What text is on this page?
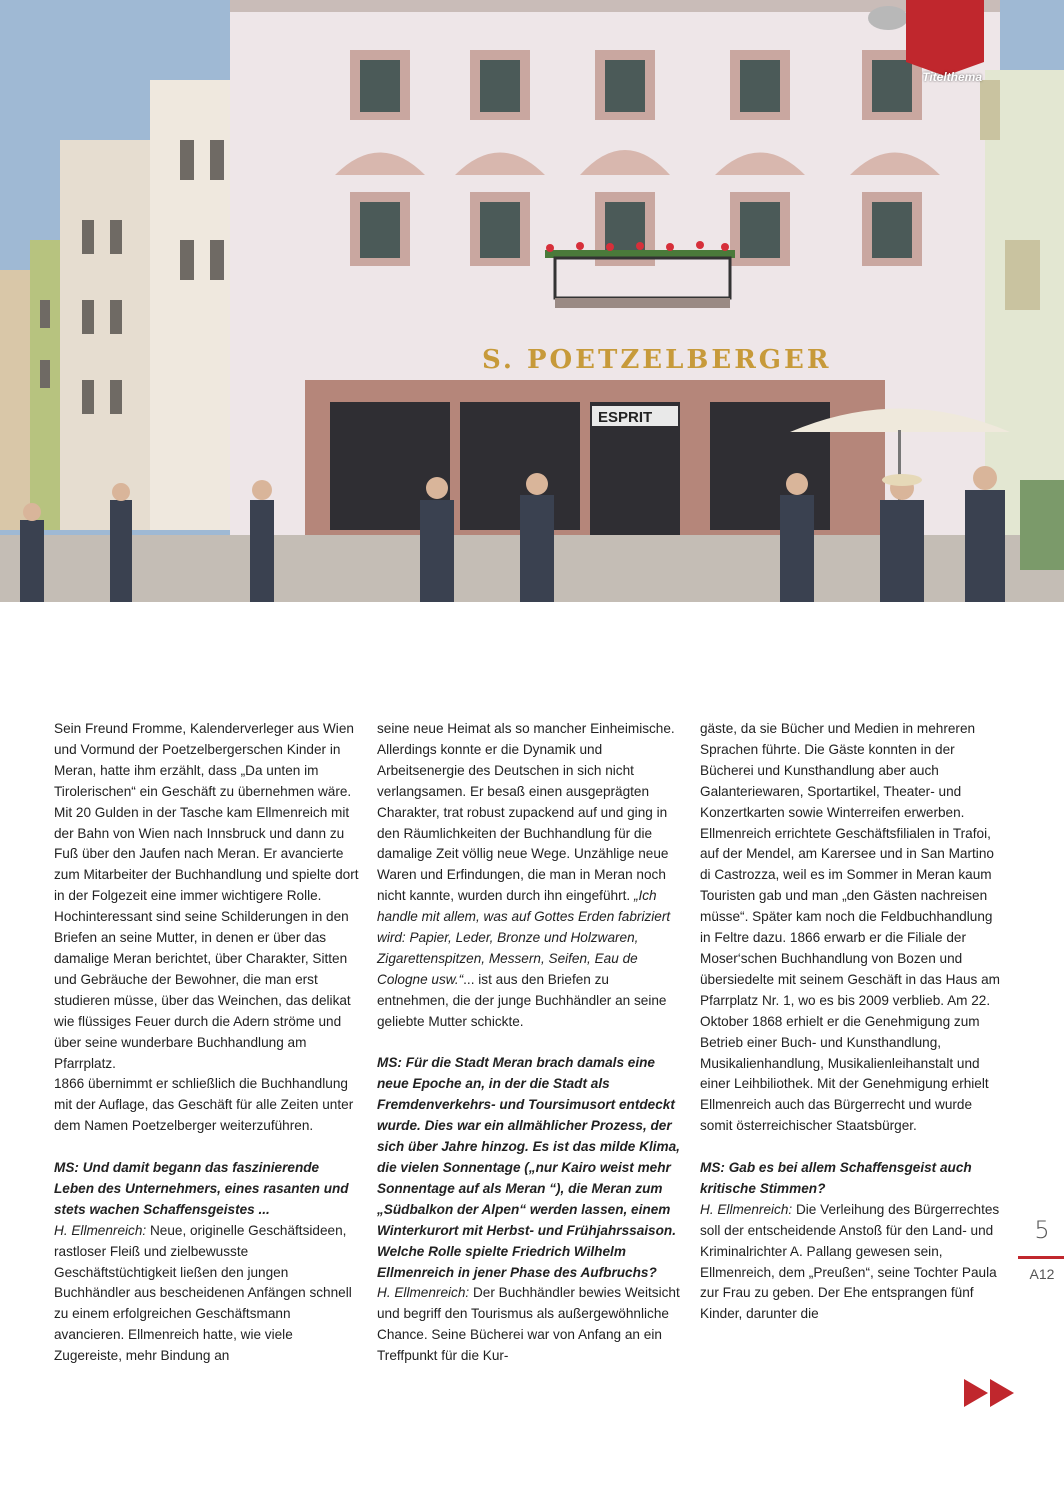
S. POETZELBERGER
ESPRIT
Titelthema

Sein Freund Fromme, Kalenderverleger aus Wien und Vormund der Poetzelbergerschen Kinder in Meran, hatte ihm erzählt, dass „Da unten im Tirolerischen“ ein Geschäft zu übernehmen wäre. Mit 20 Gulden in der Tasche kam Ellmenreich mit der Bahn von Wien nach Innsbruck und dann zu Fuß über den Jaufen nach Meran. Er avancierte zum Mitarbeiter der Buchhandlung und spielte dort in der Folgezeit eine immer wichtigere Rolle. Hochinteressant sind seine Schilderungen in den Briefen an seine Mutter, in denen er über das damalige Meran berichtet, über Charakter, Sitten und Gebräuche der Bewohner, die man erst studieren müsse, über das Weinchen, das delikat wie flüssiges Feuer durch die Adern ströme und über seine wunderbare Buchhandlung am Pfarrplatz.

1866 übernimmt er schließlich die Buchhandlung mit der Auflage, das Geschäft für alle Zeiten unter dem Namen Poetzelberger weiterzuführen.

MS: Und damit begann das faszinierende Leben des Unternehmers, eines rasanten und stets wachen Schaffensgeistes ...

H. Ellmenreich: Neue, originelle Geschäftsideen, rastloser Fleiß und zielbewusste Geschäftstüchtigkeit ließen den jungen Buchhändler aus bescheidenen Anfängen schnell zu einem erfolgreichen Geschäftsmann avancieren. Ellmenreich hatte, wie viele Zugereiste, mehr Bindung an

seine neue Heimat als so mancher Einheimische. Allerdings konnte er die Dynamik und Arbeitsenergie des Deutschen in sich nicht verlangsamen. Er besaß einen ausgeprägten Charakter, trat robust zupackend auf und ging in den Räumlichkeiten der Buchhandlung für die damalige Zeit völlig neue Wege. Unzählige neue Waren und Erfindungen, die man in Meran noch nicht kannte, wurden durch ihn eingeführt. „Ich handle mit allem, was auf Gottes Erden fabriziert wird: Papier, Leder, Bronze und Holzwaren, Zigarettenspitzen, Messern, Seifen, Eau de Cologne usw.“... ist aus den Briefen zu entnehmen, die der junge Buchhändler an seine geliebte Mutter schickte.

MS: Für die Stadt Meran brach damals eine neue Epoche an, in der die Stadt als Fremdenverkehrs- und Toursimusort entdeckt wurde. Dies war ein allmählicher Prozess, der sich über Jahre hinzog. Es ist das milde Klima, die vielen Sonnentage („nur Kairo weist mehr Sonnentage auf als Meran “), die Meran zum „Südbalkon der Alpen“ werden lassen, einem Winterkurort mit Herbst- und Frühjahrssaison. Welche Rolle spielte Friedrich Wilhelm Ellmenreich in jener Phase des Aufbruchs?

H. Ellmenreich: Der Buchhändler bewies Weitsicht und begriff den Tourismus als außergewöhnliche Chance. Seine Bücherei war von Anfang an ein Treffpunkt für die Kur-

gäste, da sie Bücher und Medien in mehreren Sprachen führte. Die Gäste konnten in der Bücherei und Kunsthandlung aber auch Galanteriewaren, Sportartikel, Theater- und Konzertkarten sowie Winterreifen erwerben. Ellmenreich errichtete Geschäftsfilialen in Trafoi, auf der Mendel, am Karersee und in San Martino di Castrozza, weil es im Sommer in Meran kaum Touristen gab und man „den Gästen nachreisen müsse“. Später kam noch die Feldbuchhandlung in Feltre dazu. 1866 erwarb er die Filiale der Moser‘schen Buchhandlung von Bozen und übersiedelte mit seinem Geschäft in das Haus am Pfarrplatz Nr. 1, wo es bis 2009 verblieb. Am 22. Oktober 1868 erhielt er die Genehmigung zum Betrieb einer Buch- und Kunsthandlung, Musikalienhandlung, Musikalienleihanstalt und einer Leihbiliothek. Mit der Genehmigung erhielt Ellmenreich auch das Bürgerrecht und wurde somit österreichischer Staatsbürger.

MS: Gab es bei allem Schaffensgeist auch kritische Stimmen?

H. Ellmenreich: Die Verleihung des Bürgerrechtes soll der entscheidende Anstoß für den Land- und Kriminalrichter A. Pallang gewesen sein, Ellmenreich, dem „Preußen“, seine Tochter Paula zur Frau zu geben. Der Ehe entsprangen fünf Kinder, darunter die

5
A12
